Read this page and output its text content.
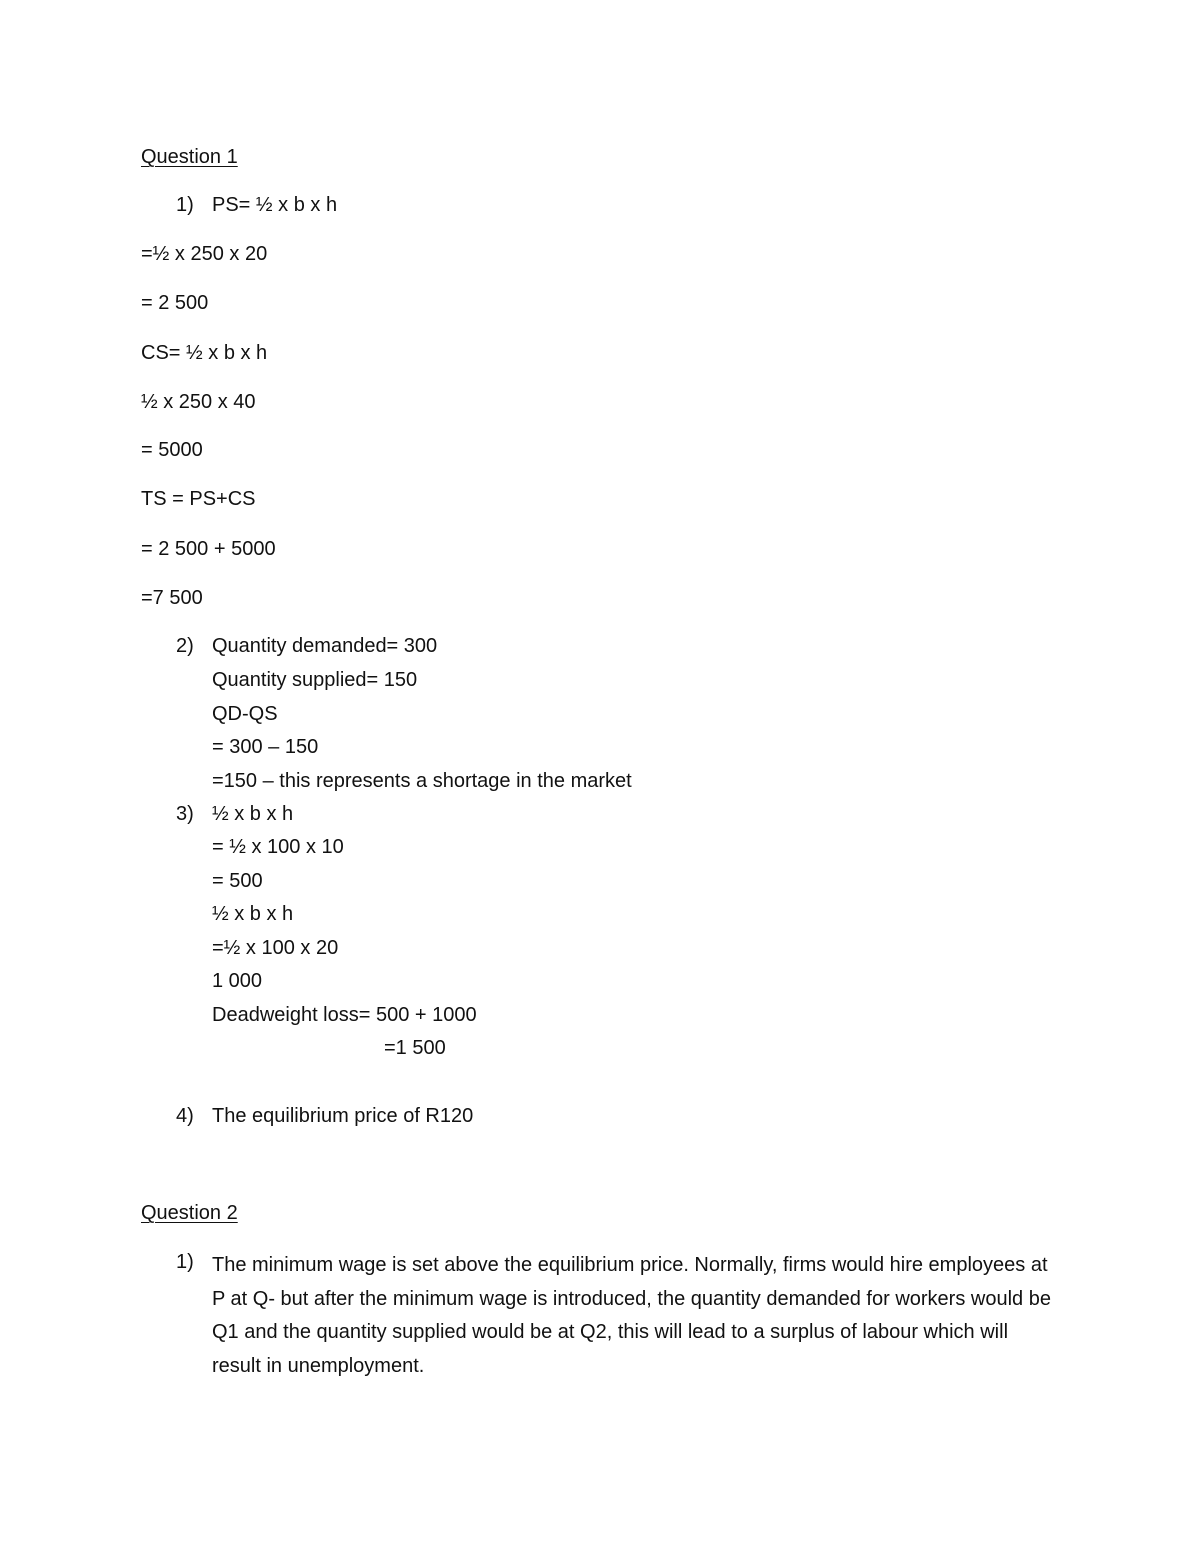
Question 1

1) PS= ½ x b x h

=½ x 250 x 20

= 2 500

CS= ½ x b x h

½ x 250 x 40

= 5000

TS = PS+CS

= 2 500 + 5000

=7 500

2) Quantity demanded= 300

Quantity supplied= 150

QD-QS

= 300 – 150

=150 – this represents a shortage in the market

3) ½ x b x h

= ½ x 100 x 10

= 500

½ x b x h

=½ x 100 x 20

1 000

Deadweight loss= 500 + 1000

=1 500

4) The equilibrium price of R120

Question 2

1) The minimum wage is set above the equilibrium price. Normally, firms would hire employees at P at Q- but after the minimum wage is introduced, the quantity demanded for workers would be Q1 and the quantity supplied would be at Q2, this will lead to a surplus of labour which will result in unemployment.
